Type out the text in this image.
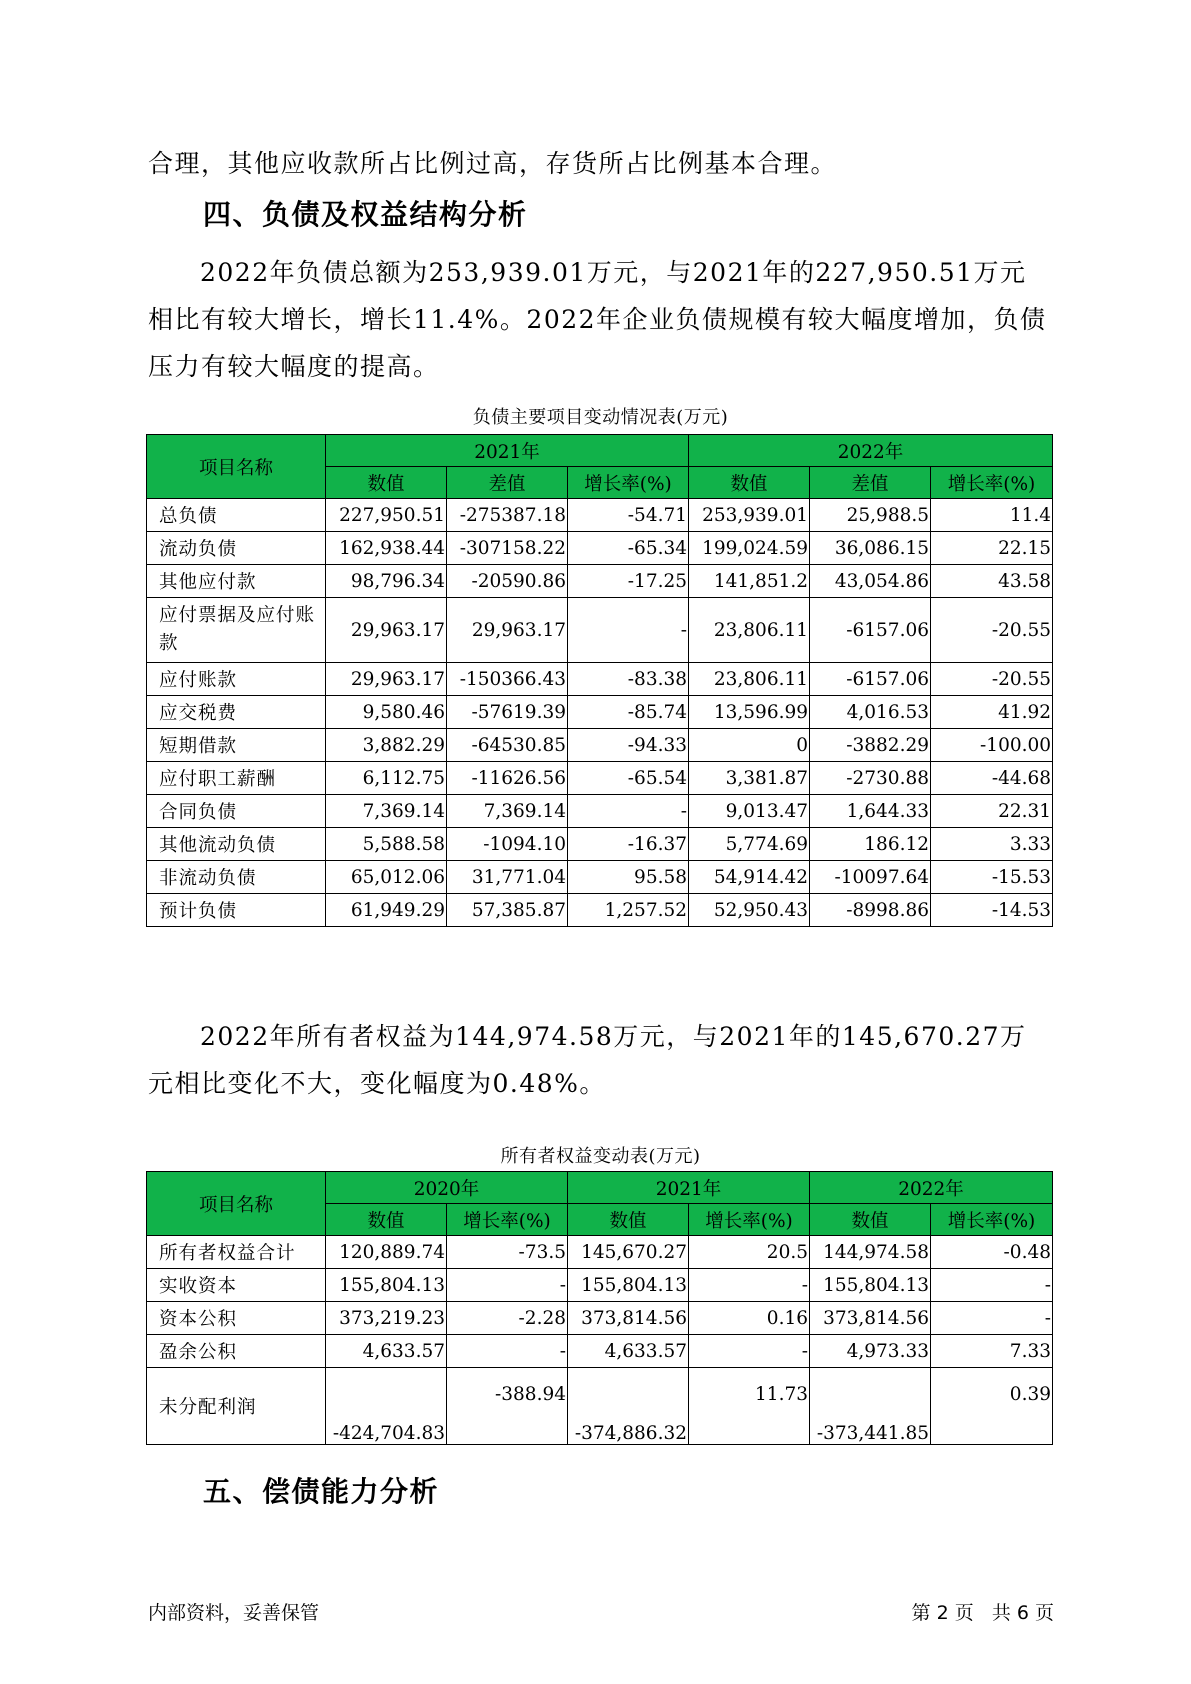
合理，其他应收款所占比例过高，存货所占比例基本合理。
四、负债及权益结构分析
2022年负债总额为253,939.01万元，与2021年的227,950.51万元相比有较大增长，增长11.4%。2022年企业负债规模有较大幅度增加，负债压力有较大幅度的提高。
负债主要项目变动情况表(万元)
项目名称	2021年			2022年		
	数值	差值	增长率(%)	数值	差值	增长率(%)
总负债	227,950.51	-275387.18	-54.71	253,939.01	25,988.5	11.4
流动负债	162,938.44	-307158.22	-65.34	199,024.59	36,086.15	22.15
其他应付款	98,796.34	-20590.86	-17.25	141,851.2	43,054.86	43.58
应付票据及应付账款	29,963.17	29,963.17	-	23,806.11	-6157.06	-20.55
应付账款	29,963.17	-150366.43	-83.38	23,806.11	-6157.06	-20.55
应交税费	9,580.46	-57619.39	-85.74	13,596.99	4,016.53	41.92
短期借款	3,882.29	-64530.85	-94.33	0	-3882.29	-100.00
应付职工薪酬	6,112.75	-11626.56	-65.54	3,381.87	-2730.88	-44.68
合同负债	7,369.14	7,369.14	-	9,013.47	1,644.33	22.31
其他流动负债	5,588.58	-1094.10	-16.37	5,774.69	186.12	3.33
非流动负债	65,012.06	31,771.04	95.58	54,914.42	-10097.64	-15.53
预计负债	61,949.29	57,385.87	1,257.52	52,950.43	-8998.86	-14.53
2022年所有者权益为144,974.58万元，与2021年的145,670.27万元相比变化不大，变化幅度为0.48%。
所有者权益变动表(万元)
项目名称	2020年		2021年		2022年	
	数值	增长率(%)	数值	增长率(%)	数值	增长率(%)
所有者权益合计	120,889.74	-73.5	145,670.27	20.5	144,974.58	-0.48
实收资本	155,804.13	-	155,804.13	-	155,804.13	-
资本公积	373,219.23	-2.28	373,814.56	0.16	373,814.56	-
盈余公积	4,633.57	-	4,633.57	-	4,973.33	7.33
未分配利润	-424,704.83	-388.94	-374,886.32	11.73	-373,441.85	0.39
五、偿债能力分析
内部资料，妥善保管	第 2 页   共 6 页
